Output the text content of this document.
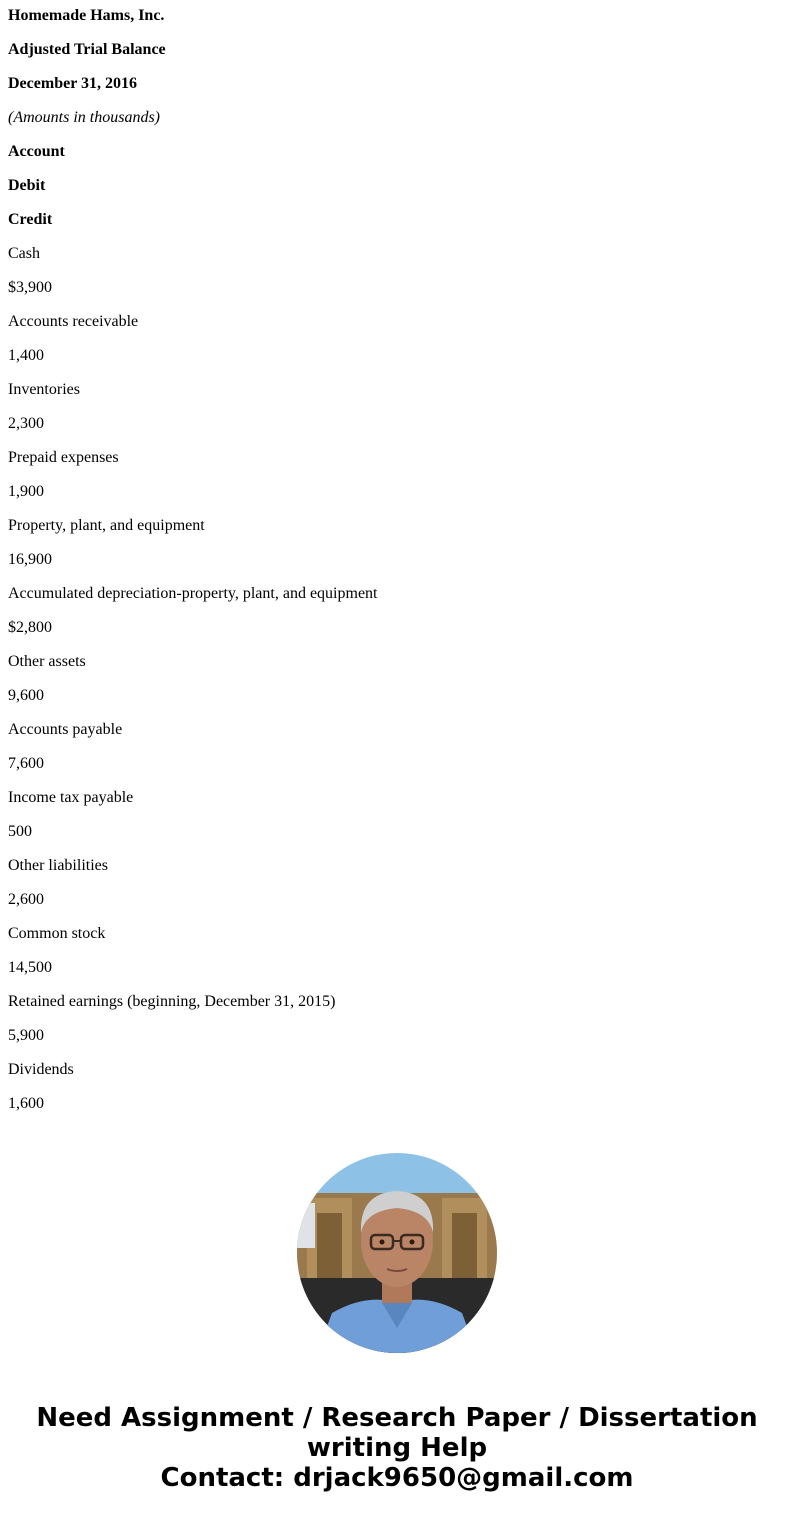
Homemade Hams, Inc.
Adjusted Trial Balance
December 31, 2016
(Amounts in thousands)
Account
Debit
Credit
Cash
$3,900
Accounts receivable
1,400
Inventories
2,300
Prepaid expenses
1,900
Property, plant, and equipment
16,900
Accumulated depreciation-property, plant, and equipment
$2,800
Other assets
9,600
Accounts payable
7,600
Income tax payable
500
Other liabilities
2,600
Common stock
14,500
Retained earnings (beginning, December 31, 2015)
5,900
Dividends
1,600
Need Assignment / Research Paper / Dissertation
writing Help
Contact: drjack9650@gmail.com
